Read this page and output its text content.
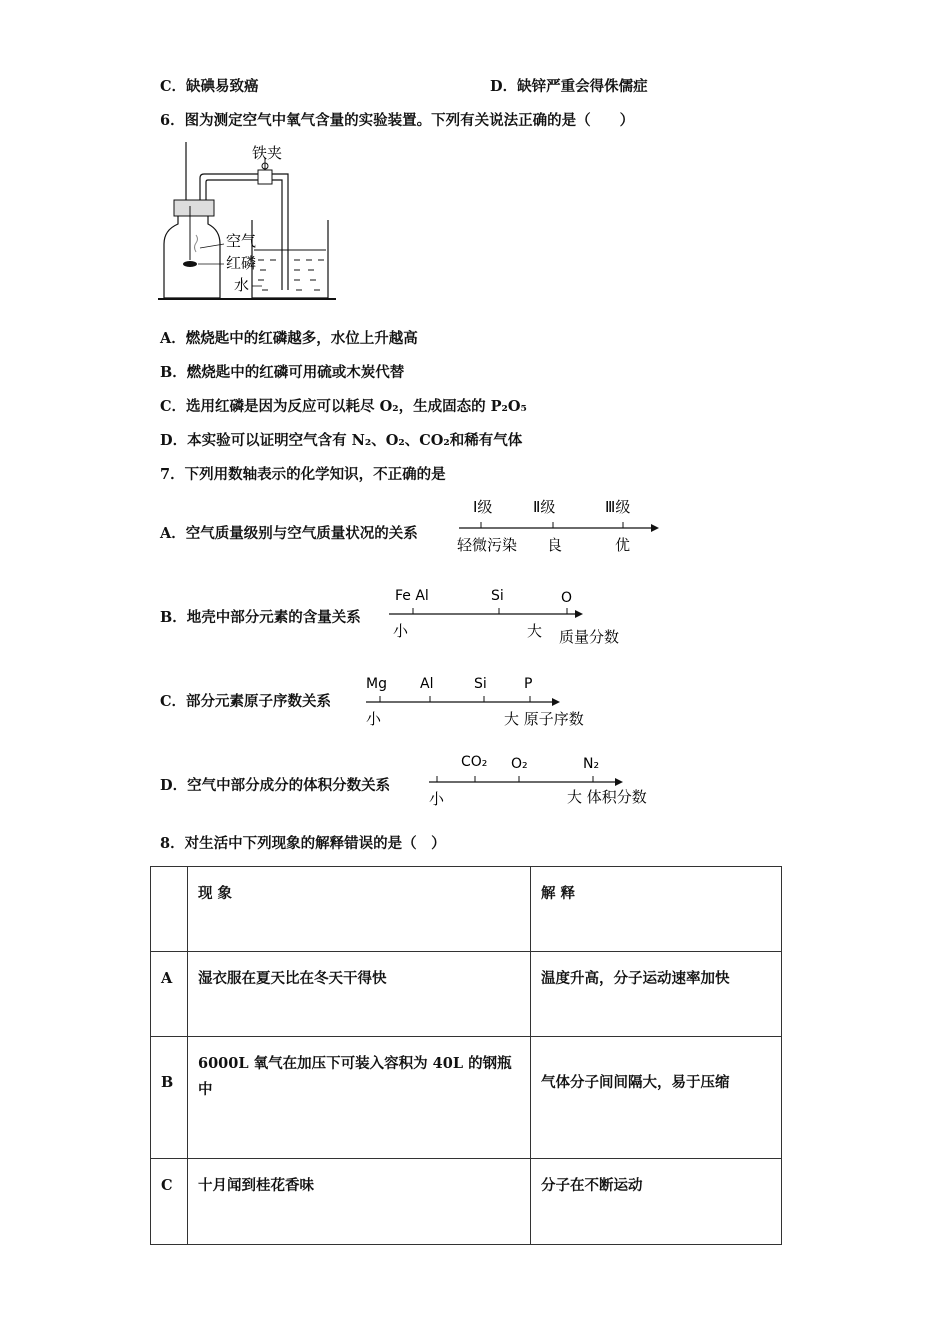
C．缺碘易致癌	D．缺锌严重会得侏儒症
6．图为测定空气中氧气含量的实验装置。下列有关说法正确的是（　　）
铁夹
空气
红磷
水
A．燃烧匙中的红磷越多，水位上升越高
B．燃烧匙中的红磷可用硫或木炭代替
C．选用红磷是因为反应可以耗尽 O₂，生成固态的 P₂O₅
D．本实验可以证明空气含有 N₂、O₂、CO₂和稀有气体
7．下列用数轴表示的化学知识，不正确的是
A．空气质量级别与空气质量状况的关系
Ⅰ级	Ⅱ级	Ⅲ级
轻微污染 良	优
B．地壳中部分元素的含量关系
Fe Al	Si	O
小	大 质量分数
C．部分元素原子序数关系
Mg Al	Si	P
小	大 原子序数
D．空气中部分成分的体积分数关系
CO₂ O₂	N₂
小	大 体积分数
8．对生活中下列现象的解释错误的是（　）
	现 象	解 释
A	湿衣服在夏天比在冬天干得快	温度升高，分子运动速率加快
B	6000L 氧气在加压下可装入容积为 40L 的钢瓶中	气体分子间间隔大，易于压缩
C	十月闻到桂花香味	分子在不断运动
